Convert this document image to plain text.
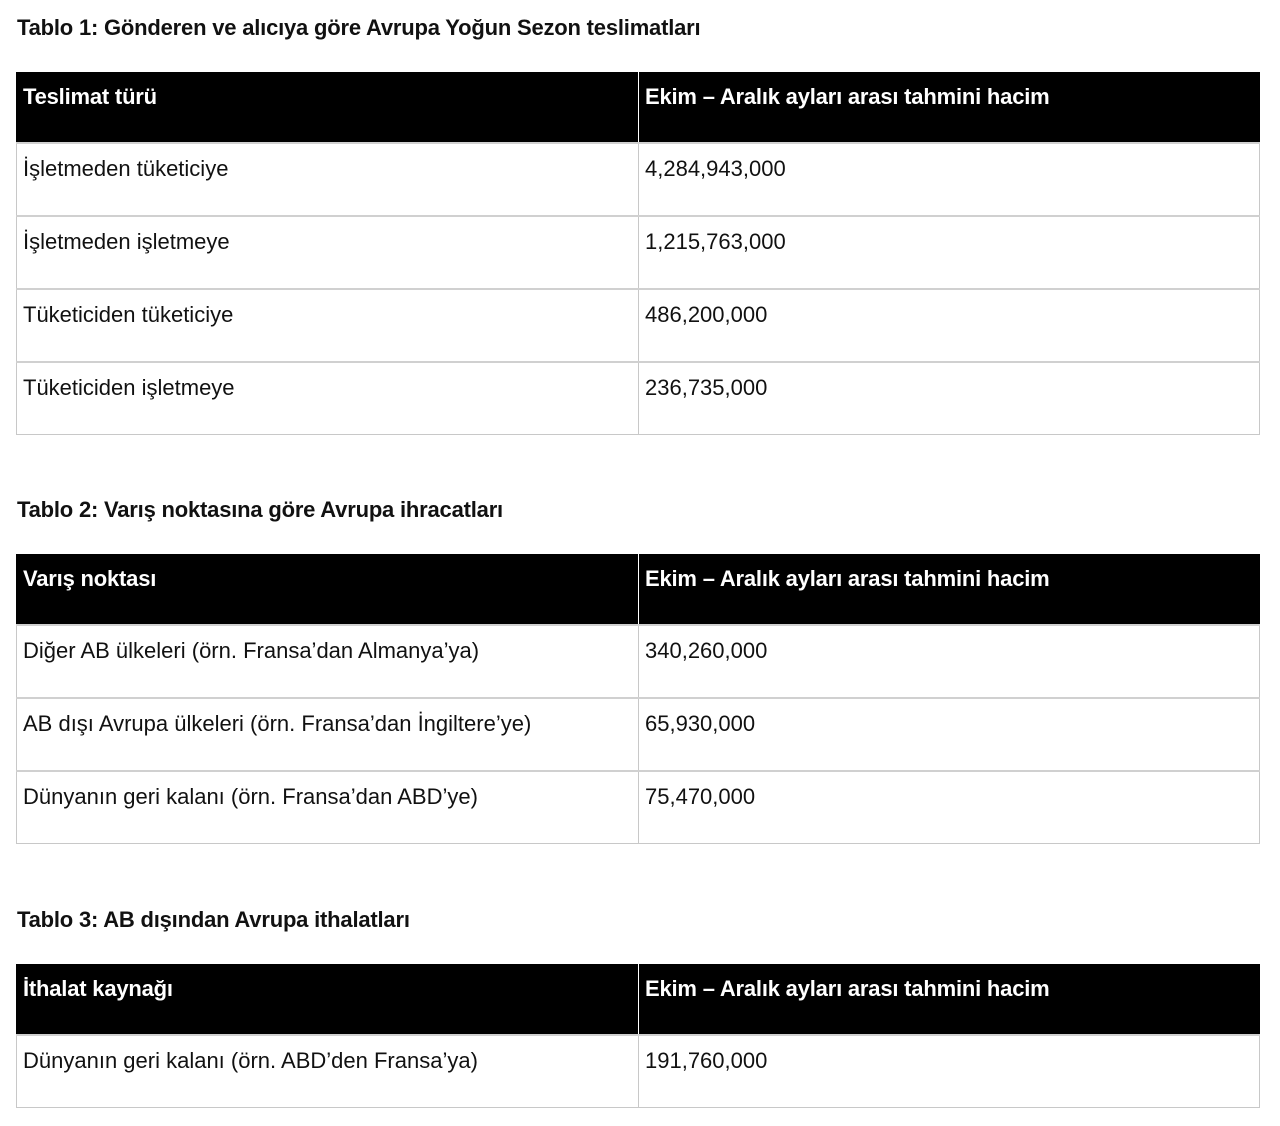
Tablo 1: Gönderen ve alıcıya göre Avrupa Yoğun Sezon teslimatları
Teslimat türü	Ekim – Aralık ayları arası tahmini hacim
İşletmeden tüketiciye	4,284,943,000
İşletmeden işletmeye	1,215,763,000
Tüketiciden tüketiciye	486,200,000
Tüketiciden işletmeye	236,735,000
Tablo 2: Varış noktasına göre Avrupa ihracatları
Varış noktası	Ekim – Aralık ayları arası tahmini hacim
Diğer AB ülkeleri (örn. Fransa’dan Almanya’ya)	340,260,000
AB dışı Avrupa ülkeleri (örn. Fransa’dan İngiltere’ye)	65,930,000
Dünyanın geri kalanı (örn. Fransa’dan ABD’ye)	75,470,000
Tablo 3: AB dışından Avrupa ithalatları
İthalat kaynağı	Ekim – Aralık ayları arası tahmini hacim
Dünyanın geri kalanı (örn. ABD’den Fransa’ya)	191,760,000
